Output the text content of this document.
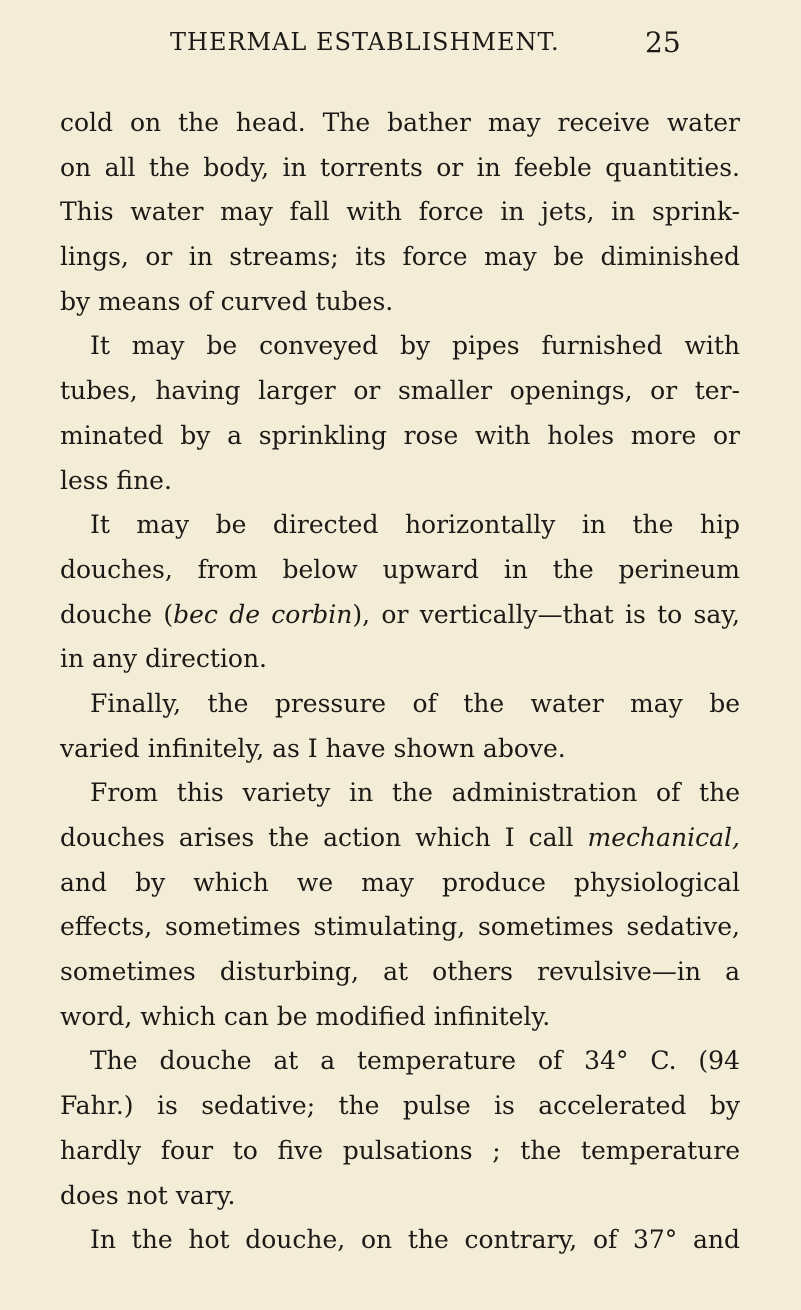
THERMAL ESTABLISHMENT.	25
cold on the head. The bather may receive water
on all the body, in torrents or in feeble quantities.
This water may fall with force in jets, in sprink-
lings, or in streams; its force may be diminished
by means of curved tubes.
It may be conveyed by pipes furnished with
tubes, having larger or smaller openings, or ter-
minated by a sprinkling rose with holes more or
less fine.
It may be directed horizontally in the hip
douches, from below upward in the perineum
douche (bec de corbin), or vertically—that is to say,
in any direction.
Finally, the pressure of the water may be
varied infinitely, as I have shown above.
From this variety in the administration of the
douches arises the action which I call mechanical,
and by which we may produce physiological
effects, sometimes stimulating, sometimes sedative,
sometimes disturbing, at others revulsive—in a
word, which can be modified infinitely.
The douche at a temperature of 34° C. (94
Fahr.) is sedative; the pulse is accelerated by
hardly four to five pulsations ; the temperature
does not vary.
In the hot douche, on the contrary, of 37° and
